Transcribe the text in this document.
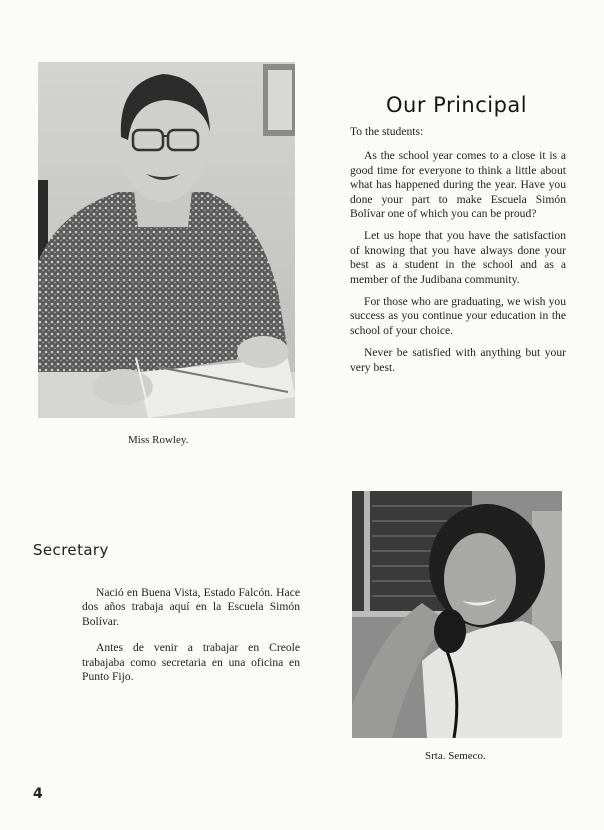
Miss Rowley.
Our Principal

To the students:

As the school year comes to a close it is a good time for everyone to think a little about what has happened during the year. Have you done your part to make Escuela Simón Bolívar one of which you can be proud?

Let us hope that you have the satisfaction of knowing that you have always done your best as a student in the school and as a member of the Judibana community.

For those who are graduating, we wish you success as you continue your education in the school of your choice.

Never be satisfied with anything but your very best.

Secretary

Nació en Buena Vista, Estado Falcón. Hace dos años trabaja aquí en la Escuela Simón Bolívar.

Antes de venir a trabajar en Creole trabajaba como secretaria en una oficina en Punto Fijo.

Srta. Semeco.
4
